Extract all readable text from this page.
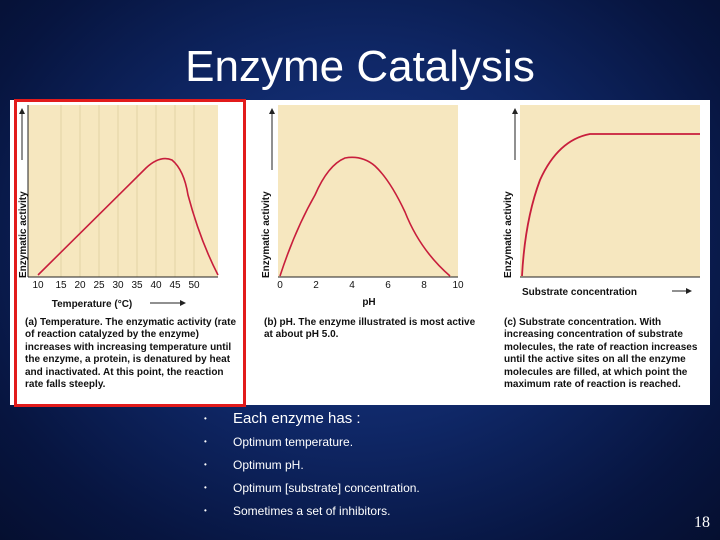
Enzyme Catalysis
10 15 20 25 30 35 40 45 50
Temperature (°C)
Enzymatic activity
0	2	4	6	8	10
pH
Enzymatic activity
Substrate concentration
Enzymatic activity
(a) Temperature. The enzymatic activity (rate of reaction catalyzed by the enzyme) increases with increasing temperature until the enzyme, a protein, is denatured by heat and inactivated. At this point, the reaction rate falls steeply.
(b) pH. The enzyme illustrated is most active at about pH 5.0.
(c) Substrate concentration. With increasing concentration of substrate molecules, the rate of reaction increases until the active sites on all the enzyme molecules are filled, at which point the maximum rate of reaction is reached.
• Each enzyme has :
• Optimum temperature.
• Optimum pH.
• Optimum [substrate] concentration.
• Sometimes a set of inhibitors.
18
